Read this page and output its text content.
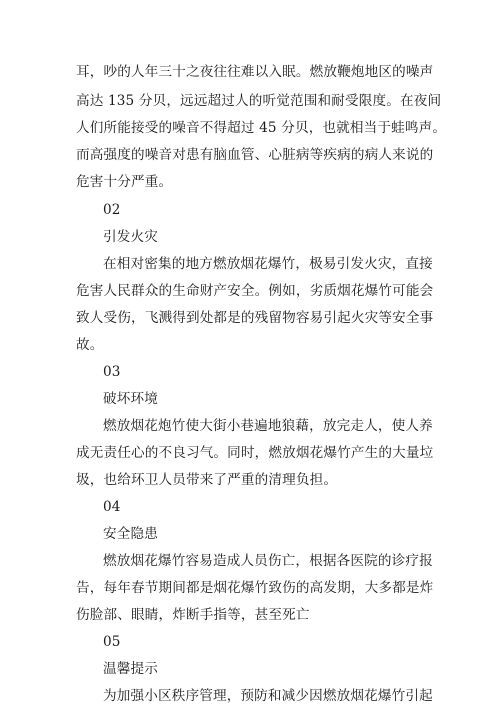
耳，吵的人年三十之夜往往难以入眠。燃放鞭炮地区的噪声
高达 135 分贝，远远超过人的听觉范围和耐受限度。在夜间
人们所能接受的噪音不得超过 45 分贝，也就相当于蛙鸣声。
而高强度的噪音对患有脑血管、心脏病等疾病的病人来说的
危害十分严重。
02
引发火灾
在相对密集的地方燃放烟花爆竹，极易引发火灾，直接
危害人民群众的生命财产安全。例如，劣质烟花爆竹可能会
致人受伤，飞溅得到处都是的残留物容易引起火灾等安全事
故。
03
破坏环境
燃放烟花炮竹使大街小巷遍地狼藉，放完走人，使人养
成无责任心的不良习气。同时，燃放烟花爆竹产生的大量垃
圾，也给环卫人员带来了严重的清理负担。
04
安全隐患
燃放烟花爆竹容易造成人员伤亡，根据各医院的诊疗报
告，每年春节期间都是烟花爆竹致伤的高发期，大多都是炸
伤脸部、眼睛，炸断手指等，甚至死亡
05
温馨提示
为加强小区秩序管理，预防和减少因燃放烟花爆竹引起
